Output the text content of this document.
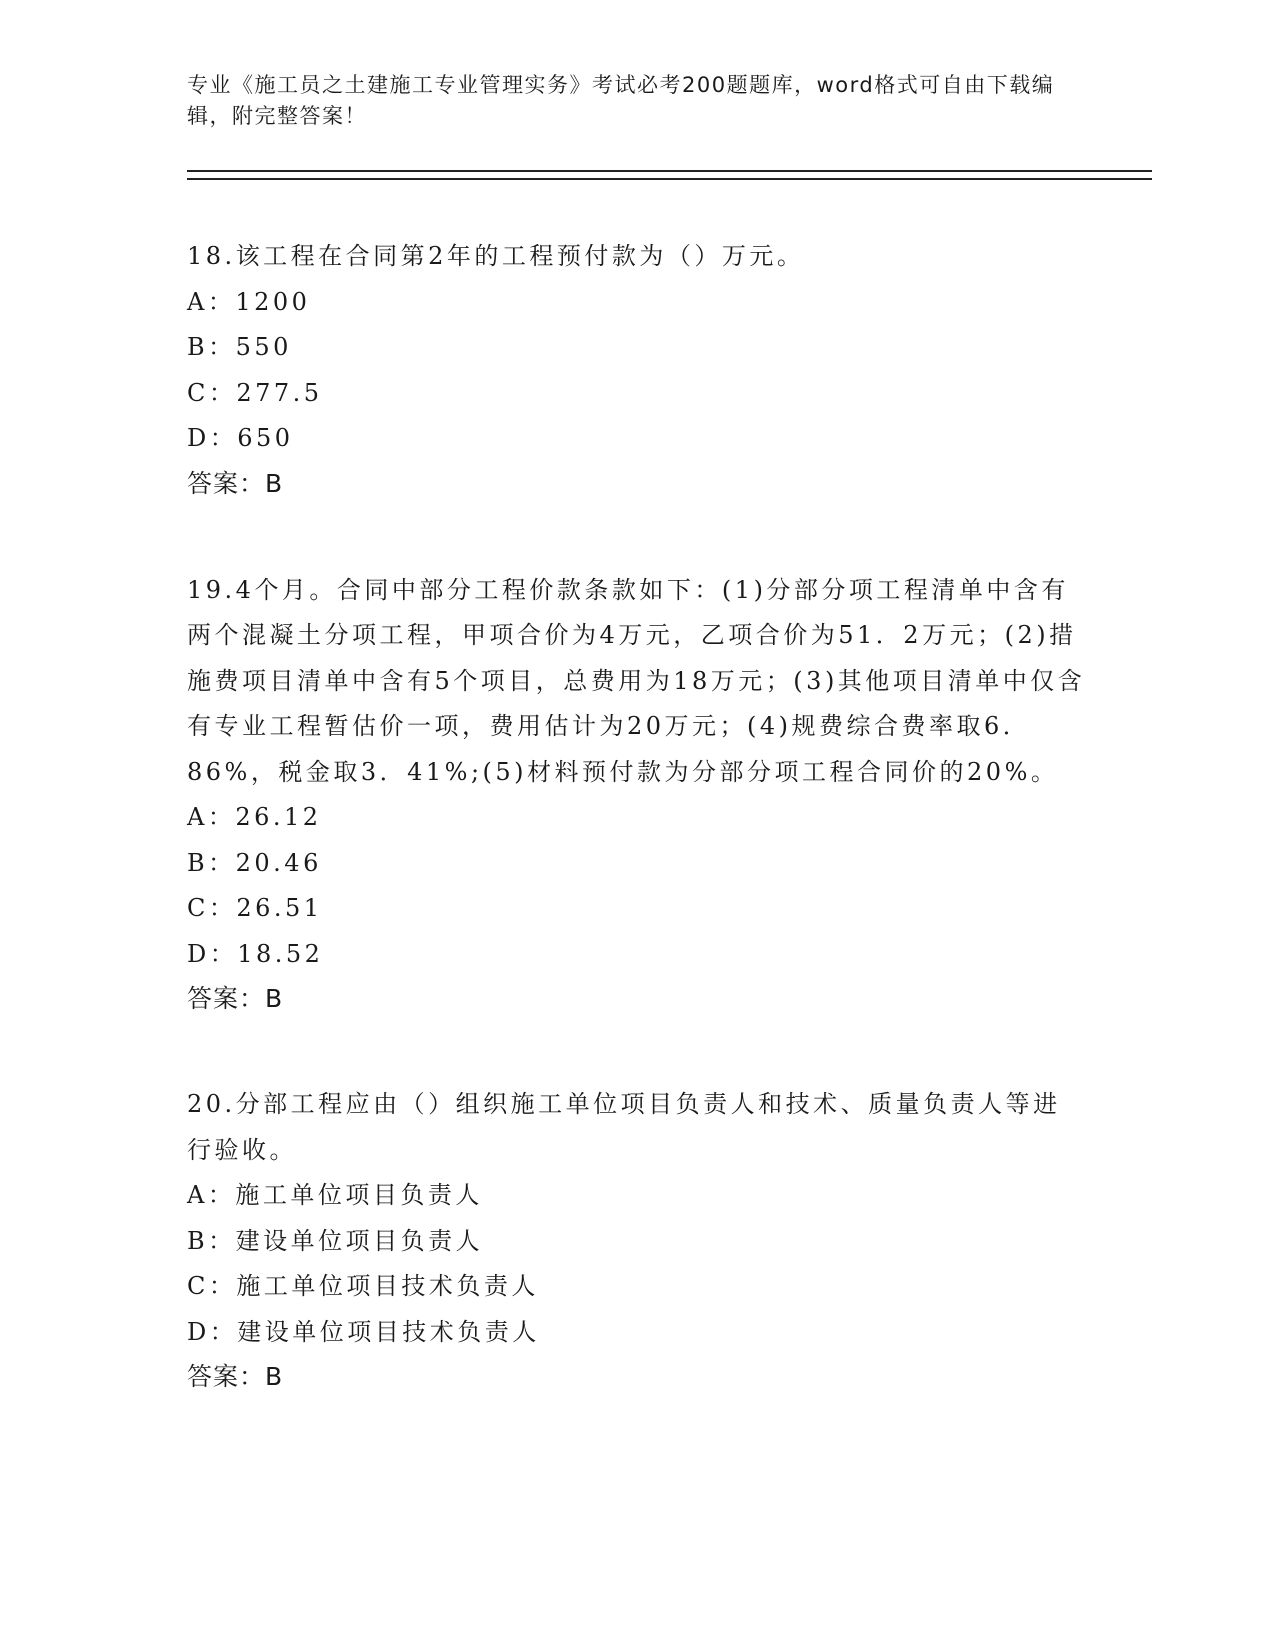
专业《施工员之土建施工专业管理实务》考试必考200题题库，word格式可自由下载编辑，附完整答案！

18.该工程在合同第2年的工程预付款为（）万元。

A：1200

B：550

C：277.5

D：650

答案：B

19.4个月。合同中部分工程价款条款如下：(1)分部分项工程清单中含有两个混凝土分项工程，甲项合价为4万元，乙项合价为51．2万元；(2)措施费项目清单中含有5个项目，总费用为18万元；(3)其他项目清单中仅含有专业工程暂估价一项，费用估计为20万元；(4)规费综合费率取6．86%，税金取3．41%;(5)材料预付款为分部分项工程合同价的20%。

A：26.12

B：20.46

C：26.51

D：18.52

答案：B

20.分部工程应由（）组织施工单位项目负责人和技术、质量负责人等进行验收。

A：施工单位项目负责人

B：建设单位项目负责人

C：施工单位项目技术负责人

D：建设单位项目技术负责人

答案：B
